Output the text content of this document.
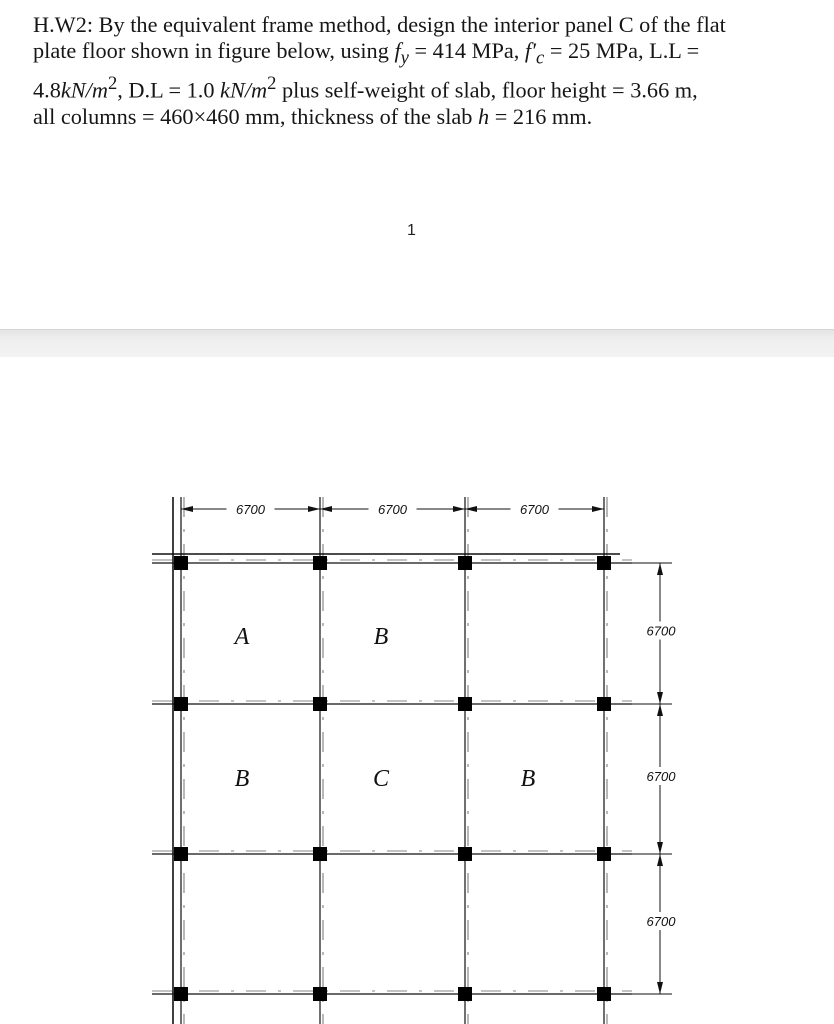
H.W2: By the equivalent frame method, design the interior panel C of the flat
plate floor shown in figure below, using $f_y = 414$ MPa, $f'_c = 25$ MPa, L.L =
$4.8kN/m^2$, D.L = 1.0 $kN/m^2$ plus self-weight of slab, floor height = 3.66 m,
all columns = 460×460 mm, thickness of the slab h = 216 mm.

1
6700	6700	6700
6700
6700
6700
A	B
B	C	B
